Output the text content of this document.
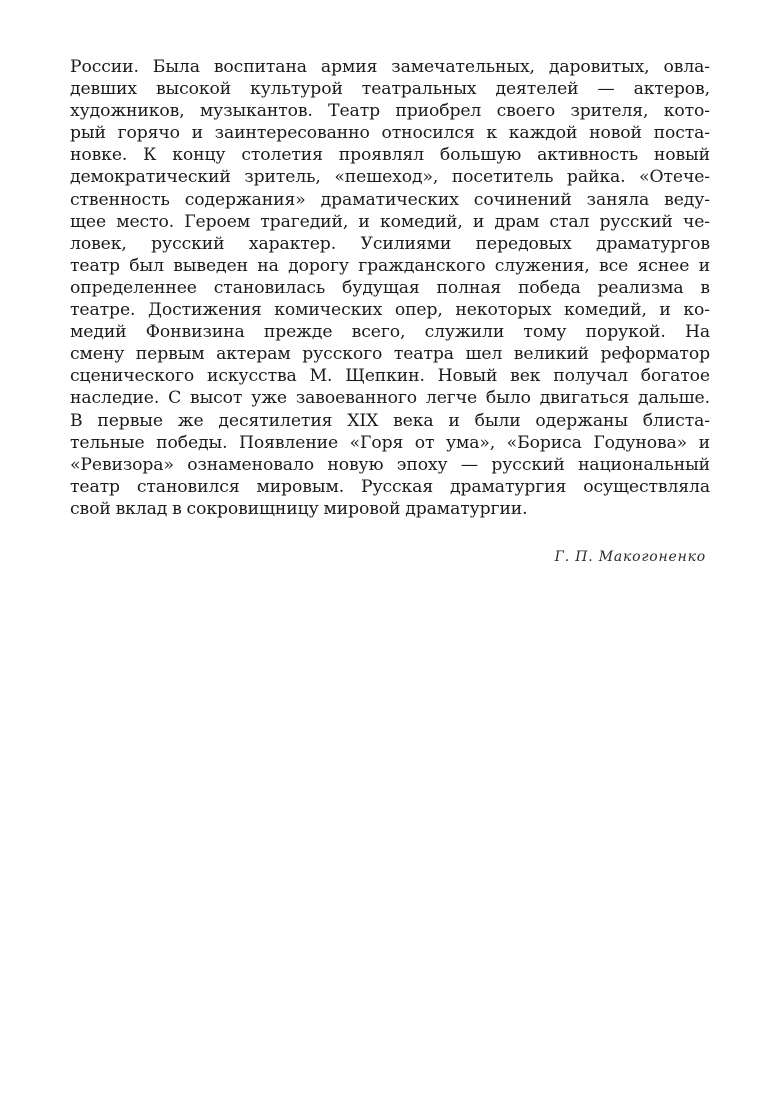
России. Была воспитана армия замечательных, даровитых, овла-
девших высокой культурой театральных деятелей — актеров,
художников, музыкантов. Театр приобрел своего зрителя, кото-
рый горячо и заинтересованно относился к каждой новой поста-
новке. К концу столетия проявлял большую активность новый
демократический зритель, «пешеход», посетитель райка. «Отече-
ственность содержания» драматических сочинений заняла веду-
щее место. Героем трагедий, и комедий, и драм стал русский че-
ловек, русский характер. Усилиями передовых драматургов
театр был выведен на дорогу гражданского служения, все яснее и
определеннее становилась будущая полная победа реализма в
театре. Достижения комических опер, некоторых комедий, и ко-
медий Фонвизина прежде всего, служили тому порукой. На
смену первым актерам русского театра шел великий реформатор
сценического искусства М. Щепкин. Новый век получал богатое
наследие. С высот уже завоеванного легче было двигаться дальше.
В первые же десятилетия XIX века и были одержаны блиста-
тельные победы. Появление «Горя от ума», «Бориса Годунова» и
«Ревизора» ознаменовало новую эпоху — русский национальный
театр становился мировым. Русская драматургия осуществляла
свой вклад в сокровищницу мировой драматургии.
Г. П. Макогоненко
